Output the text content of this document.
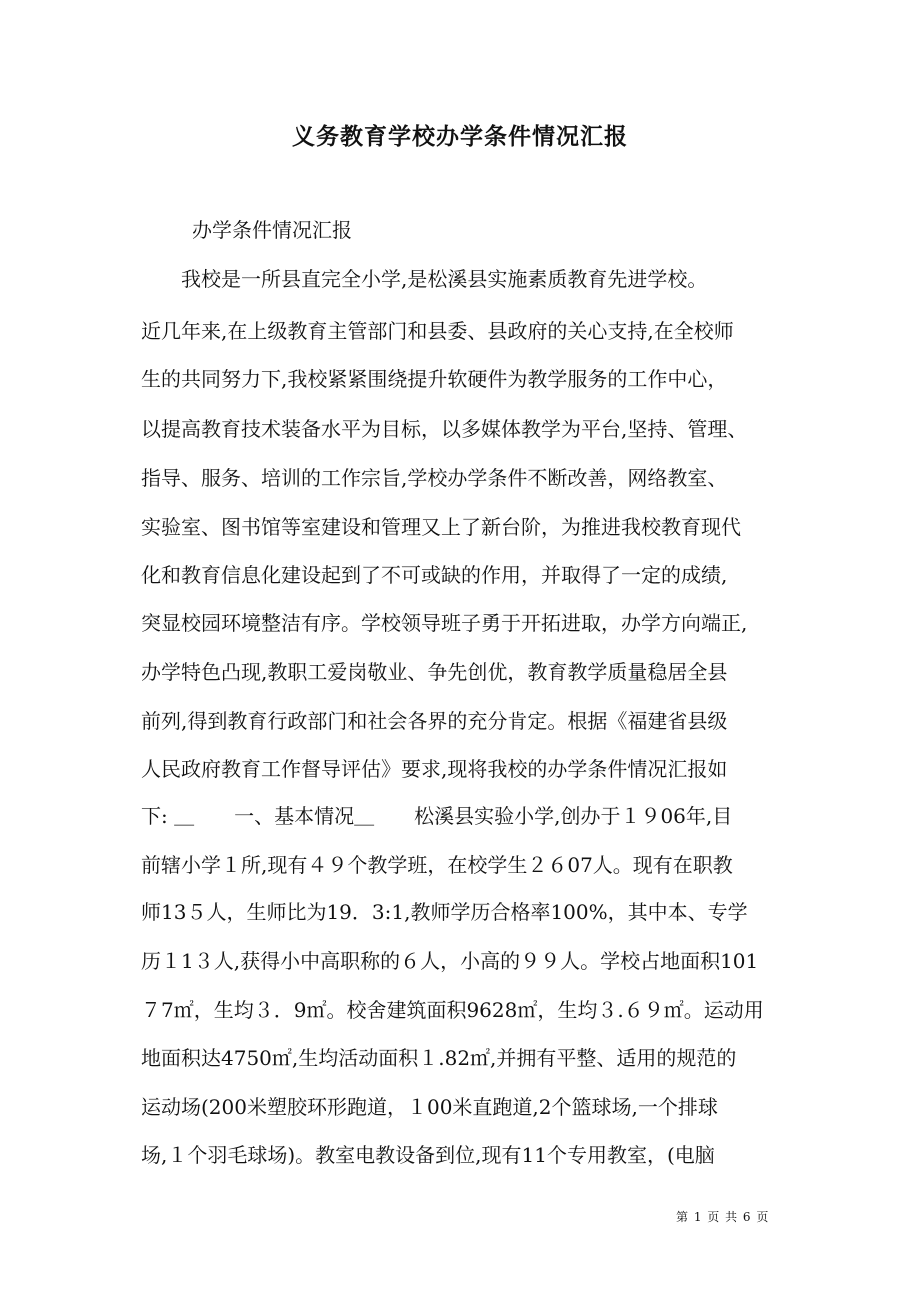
义务教育学校办学条件情况汇报
办学条件情况汇报
　　我校是一所县直完全小学,是松溪县实施素质教育先进学校。
近几年来,在上级教育主管部门和县委、县政府的关心支持,在全校师
生的共同努力下,我校紧紧围绕提升软硬件为教学服务的工作中心，
以提高教育技术装备水平为目标，以多媒体教学为平台,坚持、管理、
指导、服务、培训的工作宗旨,学校办学条件不断改善，网络教室、
实验室、图书馆等室建设和管理又上了新台阶，为推进我校教育现代
化和教育信息化建设起到了不可或缺的作用，并取得了一定的成绩,
突显校园环境整洁有序。学校领导班子勇于开拓进取，办学方向端正,
办学特色凸现,教职工爱岗敬业、争先创优，教育教学质量稳居全县
前列,得到教育行政部门和社会各界的充分肯定。根据《福建省县级
人民政府教育工作督导评估》要求,现将我校的办学条件情况汇报如
下: ＿　　一、基本情况＿　　松溪县实验小学,创办于１９06年,目
前辖小学１所,现有４９个教学班，在校学生２６07人。现有在职教
师13５人，生师比为19．3:1,教师学历合格率100%，其中本、专学
历１1３人,获得小中高职称的６人，小高的９９人。学校占地面积101
７7㎡，生均３．9㎡。校舍建筑面积9628㎡，生均３.６９㎡。运动用
地面积达4750㎡,生均活动面积１.82㎡,并拥有平整、适用的规范的
运动场(200米塑胶环形跑道，１00米直跑道,2个篮球场,一个排球
场,１个羽毛球场)。教室电教设备到位,现有11个专用教室，(电脑
第 1 页 共 6 页
